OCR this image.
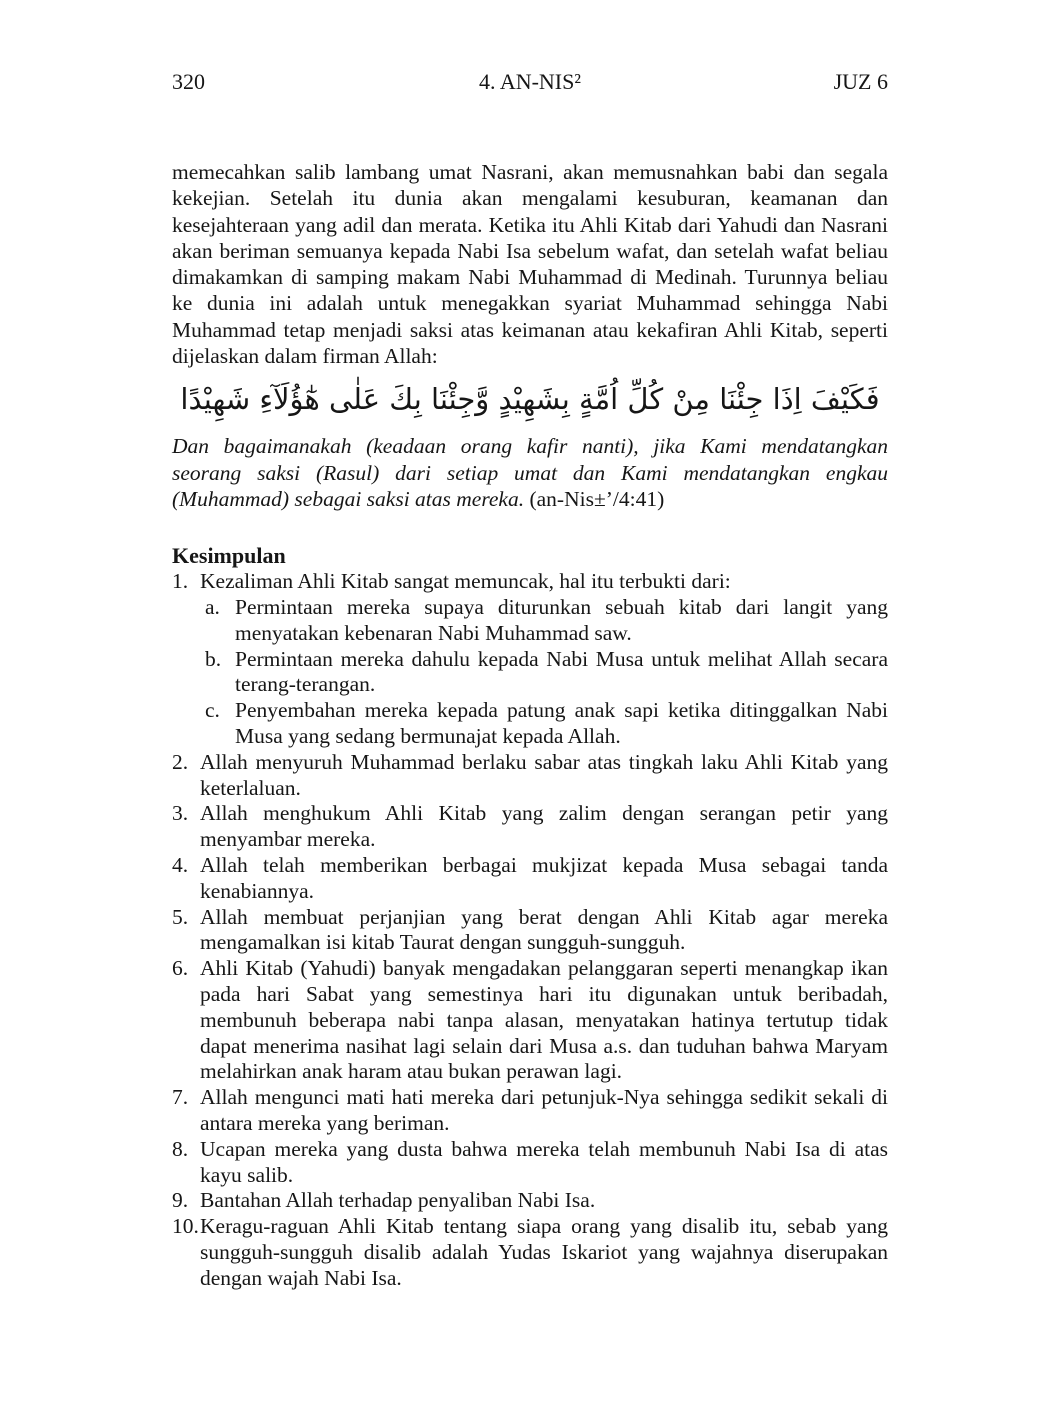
320	4. AN-NIS²	JUZ 6

memecahkan salib lambang umat Nasrani, akan memusnahkan babi dan segala kekejian. Setelah itu dunia akan mengalami kesuburan, keamanan dan kesejahteraan yang adil dan merata. Ketika itu Ahli Kitab dari Yahudi dan Nasrani akan beriman semuanya kepada Nabi Isa sebelum wafat, dan setelah wafat beliau dimakamkan di samping makam Nabi Muhammad di Medinah. Turunnya beliau ke dunia ini adalah untuk menegakkan syariat Muhammad sehingga Nabi Muhammad tetap menjadi saksi atas keimanan atau kekafiran Ahli Kitab, seperti dijelaskan dalam firman Allah:

فَكَيْفَ اِذَا جِئْنَا مِنْ كُلِّ اُمَّةٍ بِشَهِيْدٍ وَّجِئْنَا بِكَ عَلٰى هٰٓؤُلَآءِ شَهِيْدًا

Dan bagaimanakah (keadaan orang kafir nanti), jika Kami mendatangkan seorang saksi (Rasul) dari setiap umat dan Kami mendatangkan engkau (Muhammad) sebagai saksi atas mereka. (an-Nis±’/4:41)

Kesimpulan
1. Kezaliman Ahli Kitab sangat memuncak, hal itu terbukti dari:
a. Permintaan mereka supaya diturunkan sebuah kitab dari langit yang menyatakan kebenaran Nabi Muhammad saw.
b. Permintaan mereka dahulu kepada Nabi Musa untuk melihat Allah secara terang-terangan.
c. Penyembahan mereka kepada patung anak sapi ketika ditinggalkan Nabi Musa yang sedang bermunajat kepada Allah.
2. Allah menyuruh Muhammad berlaku sabar atas tingkah laku Ahli Kitab yang keterlaluan.
3. Allah menghukum Ahli Kitab yang zalim dengan serangan petir yang menyambar mereka.
4. Allah telah memberikan berbagai mukjizat kepada Musa sebagai tanda kenabiannya.
5. Allah membuat perjanjian yang berat dengan Ahli Kitab agar mereka mengamalkan isi kitab Taurat dengan sungguh-sungguh.
6. Ahli Kitab (Yahudi) banyak mengadakan pelanggaran seperti menangkap ikan pada hari Sabat yang semestinya hari itu digunakan untuk beribadah, membunuh beberapa nabi tanpa alasan, menyatakan hatinya tertutup tidak dapat menerima nasihat lagi selain dari Musa a.s. dan tuduhan bahwa Maryam melahirkan anak haram atau bukan perawan lagi.
7. Allah mengunci mati hati mereka dari petunjuk-Nya sehingga sedikit sekali di antara mereka yang beriman.
8. Ucapan mereka yang dusta bahwa mereka telah membunuh Nabi Isa di atas kayu salib.
9. Bantahan Allah terhadap penyaliban Nabi Isa.
10. Keragu-raguan Ahli Kitab tentang siapa orang yang disalib itu, sebab yang sungguh-sungguh disalib adalah Yudas Iskariot yang wajahnya diserupakan dengan wajah Nabi Isa.
